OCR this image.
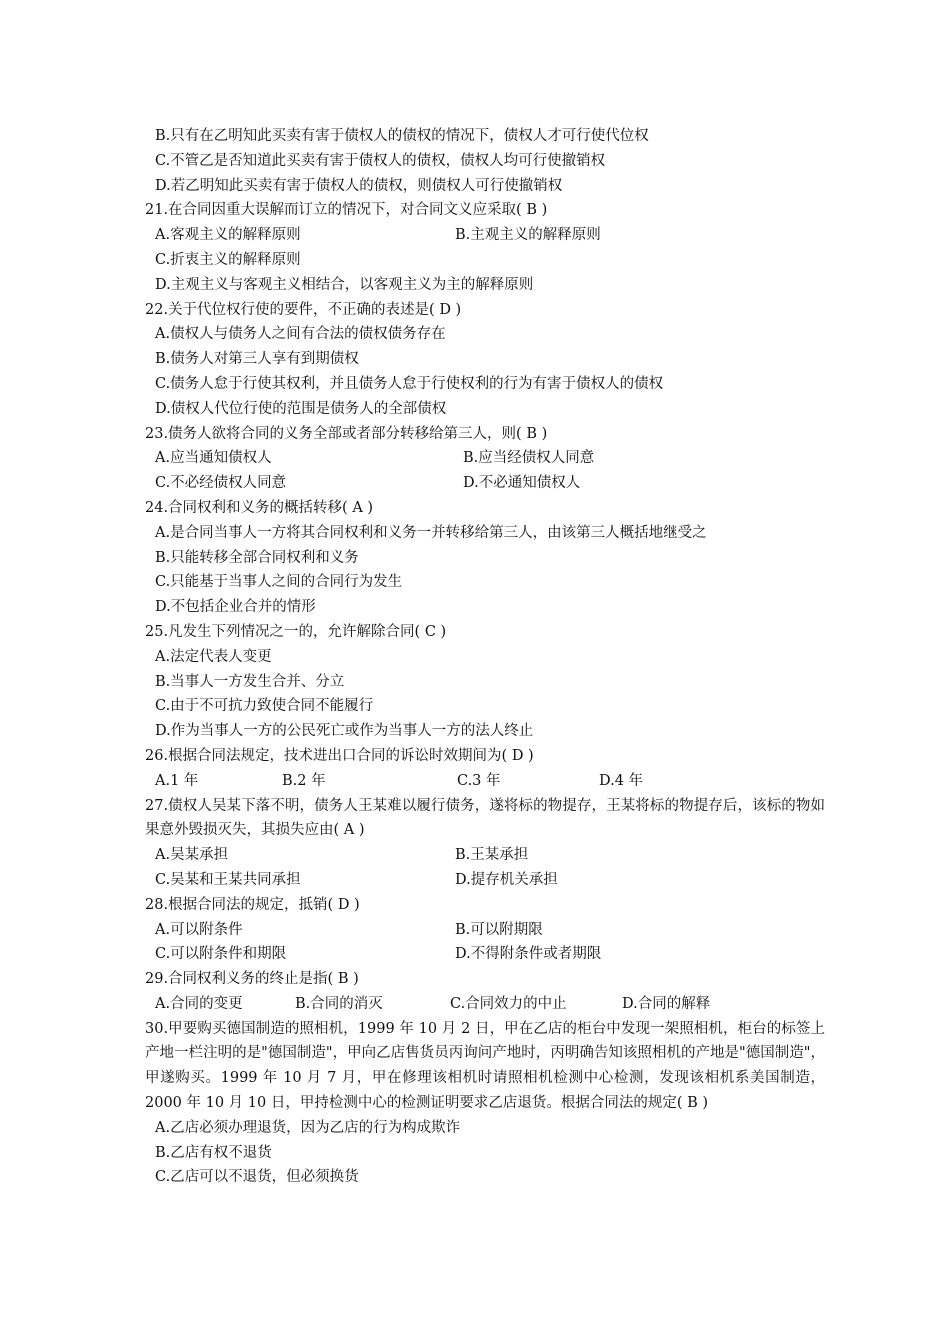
B.只有在乙明知此买卖有害于债权人的债权的情况下，债权人才可行使代位权
C.不管乙是否知道此买卖有害于债权人的债权，债权人均可行使撤销权
D.若乙明知此买卖有害于债权人的债权，则债权人可行使撤销权
21.在合同因重大误解而订立的情况下，对合同文义应采取( B )
A.客观主义的解释原则	B.主观主义的解释原则
C.折衷主义的解释原则
D.主观主义与客观主义相结合，以客观主义为主的解释原则
22.关于代位权行使的要件，不正确的表述是( D )
A.债权人与债务人之间有合法的债权债务存在
B.债务人对第三人享有到期债权
C.债务人怠于行使其权利，并且债务人怠于行使权利的行为有害于债权人的债权
D.债权人代位行使的范围是债务人的全部债权
23.债务人欲将合同的义务全部或者部分转移给第三人，则( B )
A.应当通知债权人	B.应当经债权人同意
C.不必经债权人同意	D.不必通知债权人
24.合同权利和义务的概括转移( A )
A.是合同当事人一方将其合同权利和义务一并转移给第三人，由该第三人概括地继受之
B.只能转移全部合同权利和义务
C.只能基于当事人之间的合同行为发生
D.不包括企业合并的情形
25.凡发生下列情况之一的，允许解除合同( C )
A.法定代表人变更
B.当事人一方发生合并、分立
C.由于不可抗力致使合同不能履行
D.作为当事人一方的公民死亡或作为当事人一方的法人终止
26.根据合同法规定，技术进出口合同的诉讼时效期间为( D )
A.1 年	B.2 年	C.3 年	D.4 年
27.债权人吴某下落不明，债务人王某难以履行债务，遂将标的物提存，王某将标的物提存后，该标的物如果意外毁损灭失，其损失应由( A )
A.吴某承担	B.王某承担
C.吴某和王某共同承担	D.提存机关承担
28.根据合同法的规定，抵销( D )
A.可以附条件	B.可以附期限
C.可以附条件和期限	D.不得附条件或者期限
29.合同权利义务的终止是指( B )
A.合同的变更	B.合同的消灭	C.合同效力的中止	D.合同的解释
30.甲要购买德国制造的照相机，1999 年 10 月 2 日，甲在乙店的柜台中发现一架照相机，柜台的标签上产地一栏注明的是"德国制造"，甲向乙店售货员丙询问产地时，丙明确告知该照相机的产地是"德国制造"，甲遂购买。1999 年 10 月 7 月，甲在修理该相机时请照相机检测中心检测，发现该相机系美国制造，2000 年 10 月 10 日，甲持检测中心的检测证明要求乙店退货。根据合同法的规定( B )
A.乙店必须办理退货，因为乙店的行为构成欺诈
B.乙店有权不退货
C.乙店可以不退货，但必须换货
